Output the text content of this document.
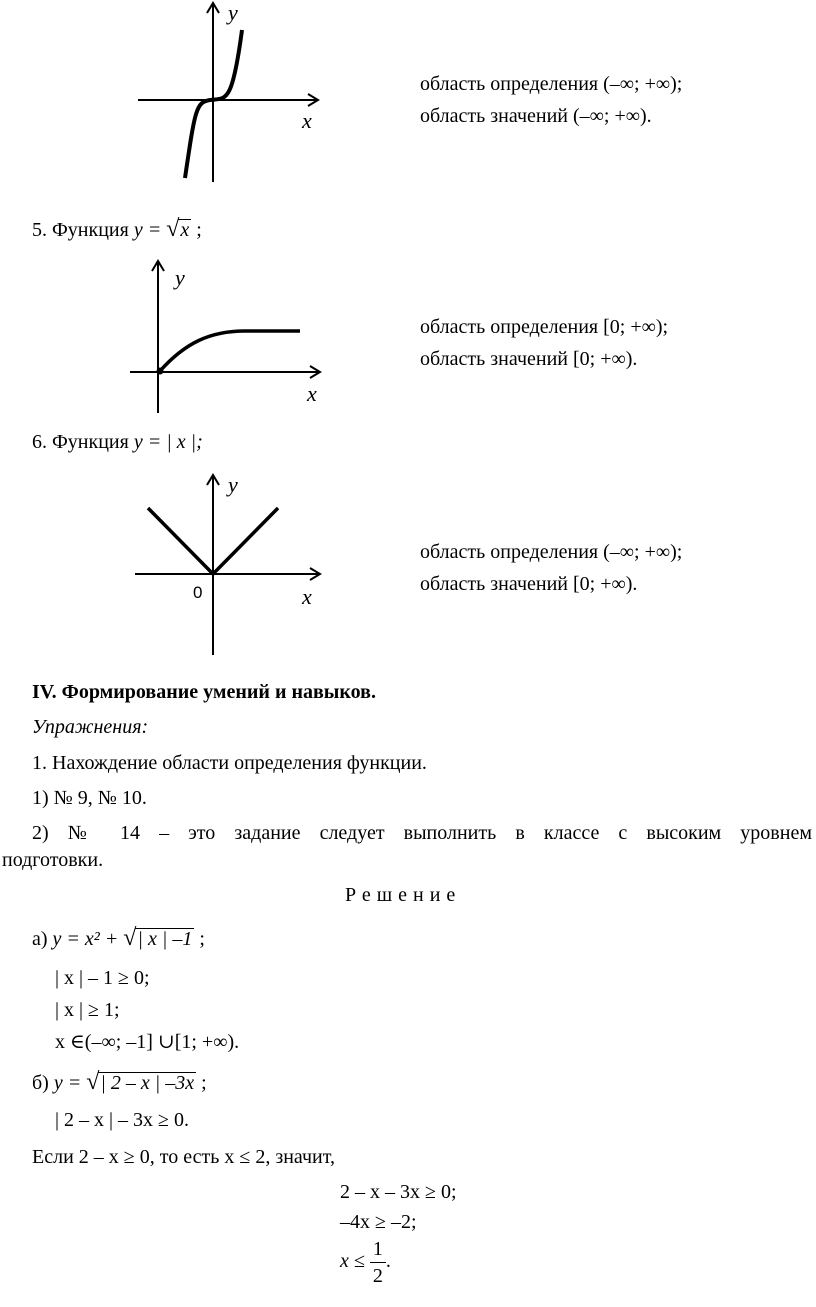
y
x
область определения (–∞; +∞);
область значений (–∞; +∞).
5. Функция y = √x ;
y
x
область определения [0; +∞);
область значений [0; +∞).
6. Функция y = | x |;
y
x
0
область определения (–∞; +∞);
область значений [0; +∞).
IV. Формирование умений и навыков.
Упражнения:
1. Нахождение области определения функции.
1) № 9, № 10.
2) № 14 – это задание следует выполнить в классе с высоким уровнем
подготовки.
Решение
а) y = x² + √| x | –1 ;
| x | – 1 ≥ 0;
| x | ≥ 1;
x ∈(–∞; –1] ∪[1; +∞).
б) y = √| 2 – x | –3x ;
| 2 – x | – 3x ≥ 0.
Если 2 – x ≥ 0, то есть x ≤ 2, значит,
2 – x – 3x ≥ 0;
–4x ≥ –2;
$x \le \frac{1}{2}$ .
